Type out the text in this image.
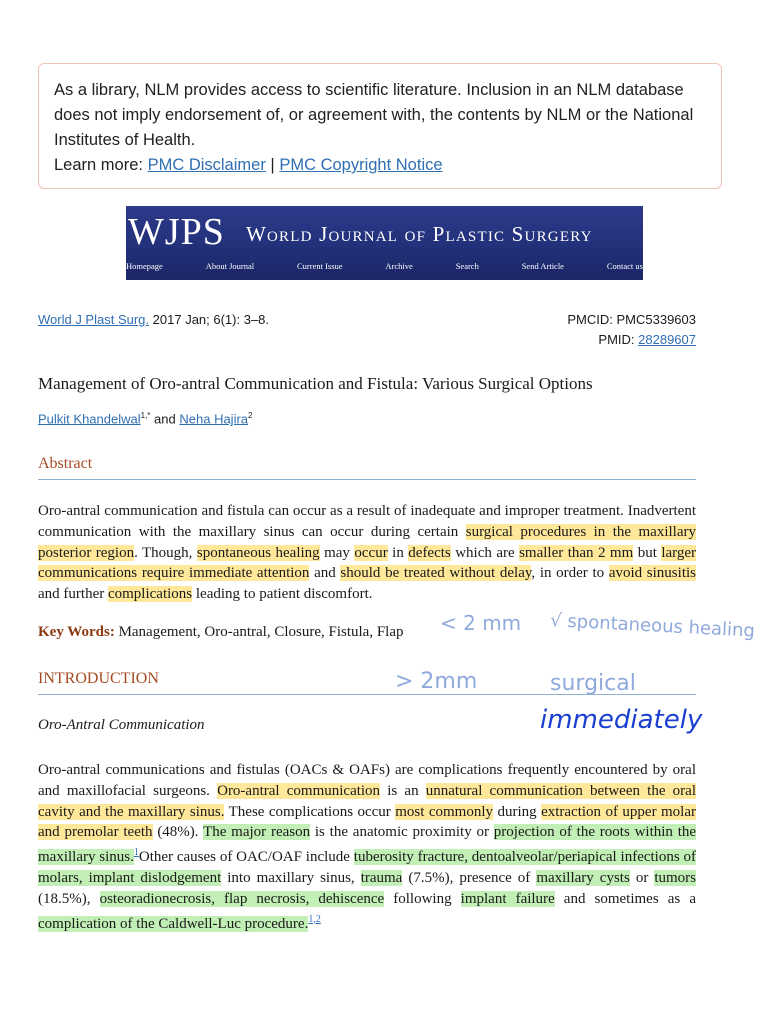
As a library, NLM provides access to scientific literature. Inclusion in an NLM database does not imply endorsement of, or agreement with, the contents by NLM or the National Institutes of Health.
Learn more: PMC Disclaimer | PMC Copyright Notice
WJPS World Journal of Plastic Surgery
Homepage	About Journal	Current Issue	Archive	Search	Send Article	Contact us
World J Plast Surg. 2017 Jan; 6(1): 3–8.	PMCID: PMC5339603
PMID: 28289607
Management of Oro-antral Communication and Fistula: Various Surgical Options
Pulkit Khandelwal$^{1,*}$ and Neha Hajira$^2$
Abstract
Oro-antral communication and fistula can occur as a result of inadequate and improper treatment. Inadvertent communication with the maxillary sinus can occur during certain surgical procedures in the maxillary posterior region. Though, spontaneous healing may occur in defects which are smaller than 2 mm but larger communications require immediate attention and should be treated without delay, in order to avoid sinusitis and further complications leading to patient discomfort.
Key Words: Management, Oro-antral, Closure, Fistula, Flap < 2 mm √ spontaneous healing
> 2mm	surgical
immediately
INTRODUCTION
Oro-Antral Communication
Oro-antral communications and fistulas (OACs & OAFs) are complications frequently encountered by oral and maxillofacial surgeons. Oro-antral communication is an unnatural communication between the oral cavity and the maxillary sinus. These complications occur most commonly during extraction of upper molar and premolar teeth (48%). The major reason is the anatomic proximity or projection of the roots within the maxillary sinus.$^1$Other causes of OAC/OAF include tuberosity fracture, dentoalveolar/periapical infections of molars, implant dislodgement into maxillary sinus, trauma (7.5%), presence of maxillary cysts or tumors (18.5%), osteoradionecrosis, flap necrosis, dehiscence following implant failure and sometimes as a complication of the Caldwell-Luc procedure.$^{1,2}$
